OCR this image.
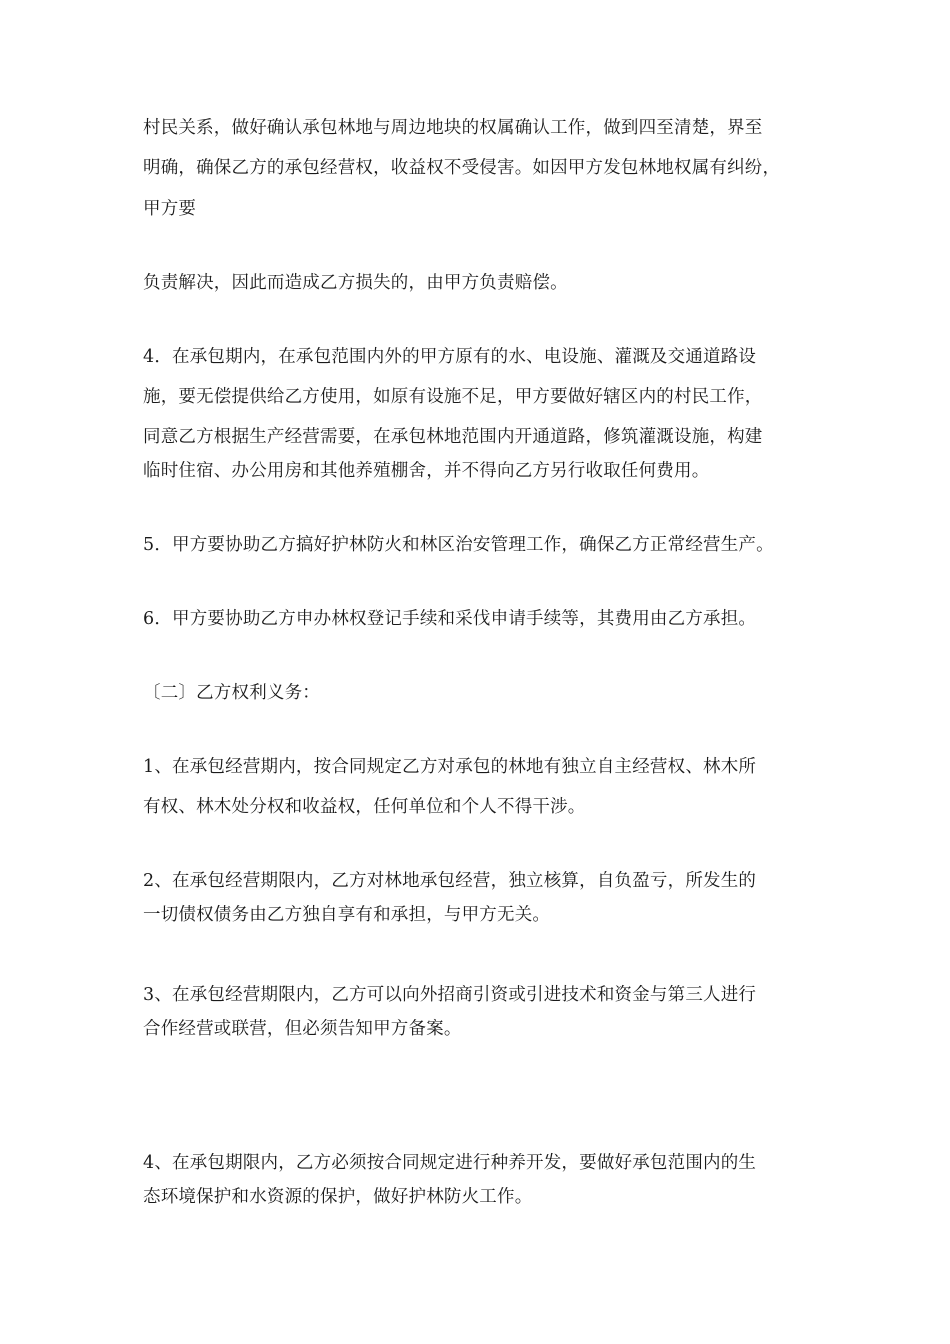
村民关系，做好确认承包林地与周边地块的权属确认工作，做到四至清楚，界至
明确，确保乙方的承包经营权，收益权不受侵害。如因甲方发包林地权属有纠纷，
甲方要
负责解决，因此而造成乙方损失的，由甲方负责赔偿。
4．在承包期内，在承包范围内外的甲方原有的水、电设施、灌溉及交通道路设
施，要无偿提供给乙方使用，如原有设施不足，甲方要做好辖区内的村民工作，
同意乙方根据生产经营需要，在承包林地范围内开通道路，修筑灌溉设施，构建
临时住宿、办公用房和其他养殖棚舍，并不得向乙方另行收取任何费用。
5．甲方要协助乙方搞好护林防火和林区治安管理工作，确保乙方正常经营生产。
6．甲方要协助乙方申办林权登记手续和采伐申请手续等，其费用由乙方承担。
〔二〕乙方权利义务：
1、在承包经营期内，按合同规定乙方对承包的林地有独立自主经营权、林木所
有权、林木处分权和收益权，任何单位和个人不得干涉。
2、在承包经营期限内，乙方对林地承包经营，独立核算，自负盈亏，所发生的
一切债权债务由乙方独自享有和承担，与甲方无关。
3、在承包经营期限内，乙方可以向外招商引资或引进技术和资金与第三人进行
合作经营或联营，但必须告知甲方备案。
4、在承包期限内，乙方必须按合同规定进行种养开发，要做好承包范围内的生
态环境保护和水资源的保护，做好护林防火工作。
